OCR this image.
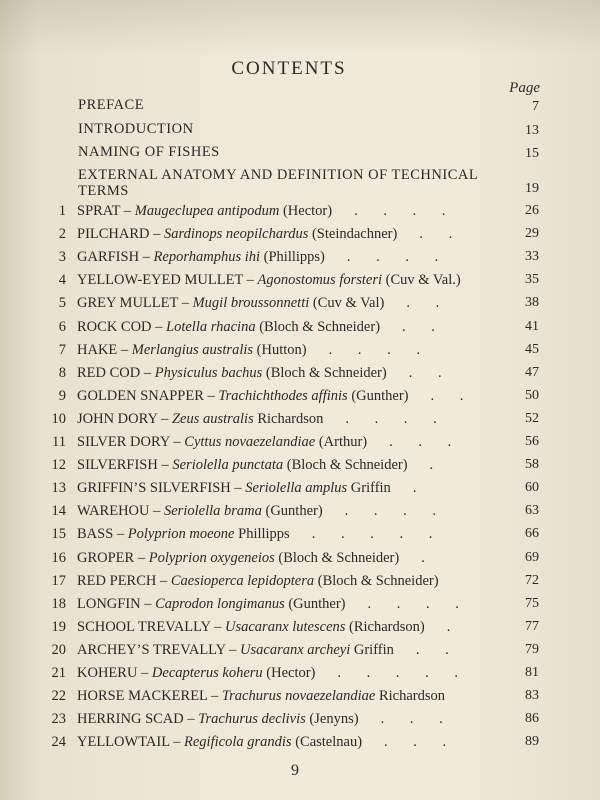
CONTENTS
Page
PREFACE	7
INTRODUCTION	13
NAMING OF FISHES	15
EXTERNAL ANATOMY AND DEFINITION OF TECHNICAL
TERMS	19
1 SPRAT – Maugeclupea antipodum (Hector) . . . .	26
2 PILCHARD – Sardinops neopilchardus (Steindachner) . .	29
3 GARFISH – Reporhamphus ihi (Phillipps) . . . .	33
4 YELLOW-EYED MULLET – Agonostomus forsteri (Cuv & Val.)	35
5 GREY MULLET – Mugil broussonnetti (Cuv & Val) . .	38
6 ROCK COD – Lotella rhacina (Bloch & Schneider) . .	41
7 HAKE – Merlangius australis (Hutton) . . . .	45
8 RED COD – Physiculus bachus (Bloch & Schneider) . .	47
9 GOLDEN SNAPPER – Trachichthodes affinis (Gunther) . .	50
10 JOHN DORY – Zeus australis Richardson . . . .	52
11 SILVER DORY – Cyttus novaezelandiae (Arthur) . . .	56
12 SILVERFISH – Seriolella punctata (Bloch & Schneider) .	58
13 GRIFFIN’S SILVERFISH – Seriolella amplus Griffin .	60
14 WAREHOU – Seriolella brama (Gunther) . . . .	63
15 BASS – Polyprion moeone Phillipps . . . . .	66
16 GROPER – Polyprion oxygeneios (Bloch & Schneider) .	69
17 RED PERCH – Caesioperca lepidoptera (Bloch & Schneider)	72
18 LONGFIN – Caprodon longimanus (Gunther) . . . .	75
19 SCHOOL TREVALLY – Usacaranx lutescens (Richardson) .	77
20 ARCHEY’S TREVALLY – Usacaranx archeyi Griffin . .	79
21 KOHERU – Decapterus koheru (Hector) . . . . .	81
22 HORSE MACKEREL – Trachurus novaezelandiae Richardson	83
23 HERRING SCAD – Trachurus declivis (Jenyns) . . .	86
24 YELLOWTAIL – Regificola grandis (Castelnau) . . .	89
9
